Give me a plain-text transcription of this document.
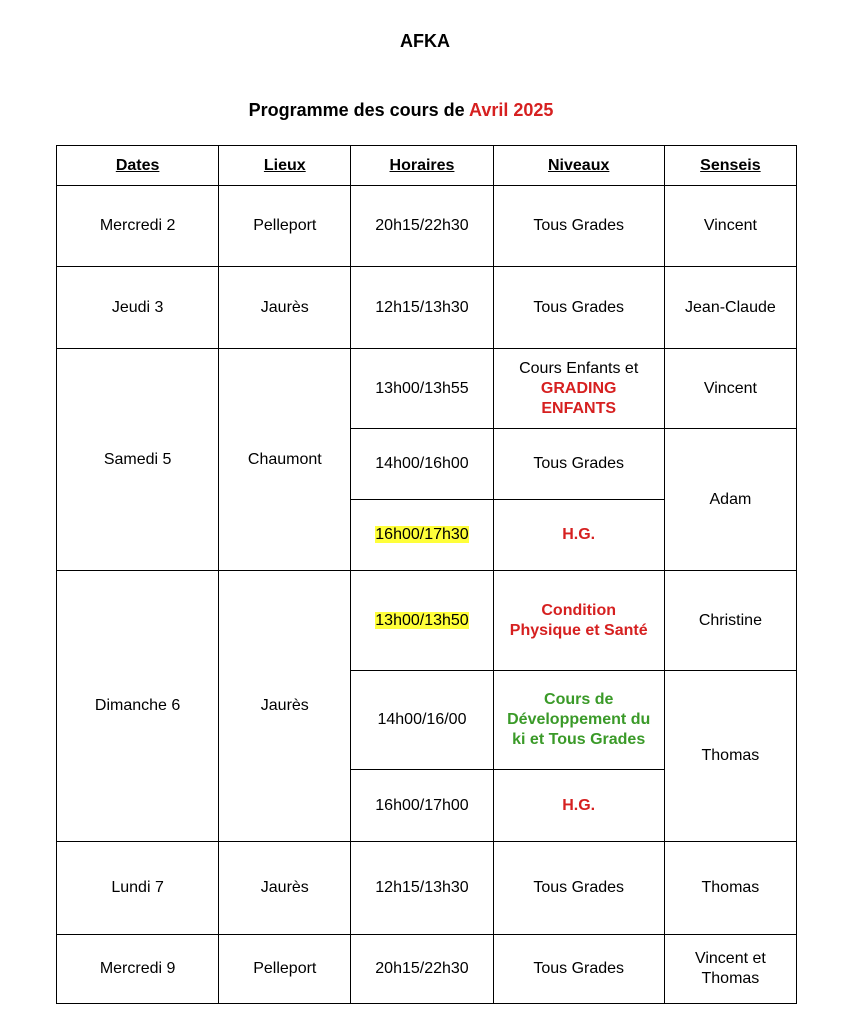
AFKA
Programme des cours de Avril 2025
Dates	Lieux	Horaires	Niveaux	Senseis
Mercredi 2	Pelleport	20h15/22h30	Tous Grades	Vincent
Jeudi 3	Jaurès	12h15/13h30	Tous Grades	Jean-Claude
Samedi 5	Chaumont	13h00/13h55	Cours Enfants et
GRADING
ENFANTS	Vincent
		14h00/16h00	Tous Grades	Adam
		16h00/17h30	H.G.	
Dimanche 6	Jaurès	13h00/13h50	Condition
Physique et Santé	Christine
		14h00/16/00	Cours de
Développement du
ki et Tous Grades	Thomas
		16h00/17h00	H.G.	
Lundi 7	Jaurès	12h15/13h30	Tous Grades	Thomas
Mercredi 9	Pelleport	20h15/22h30	Tous Grades	Vincent et
Thomas
